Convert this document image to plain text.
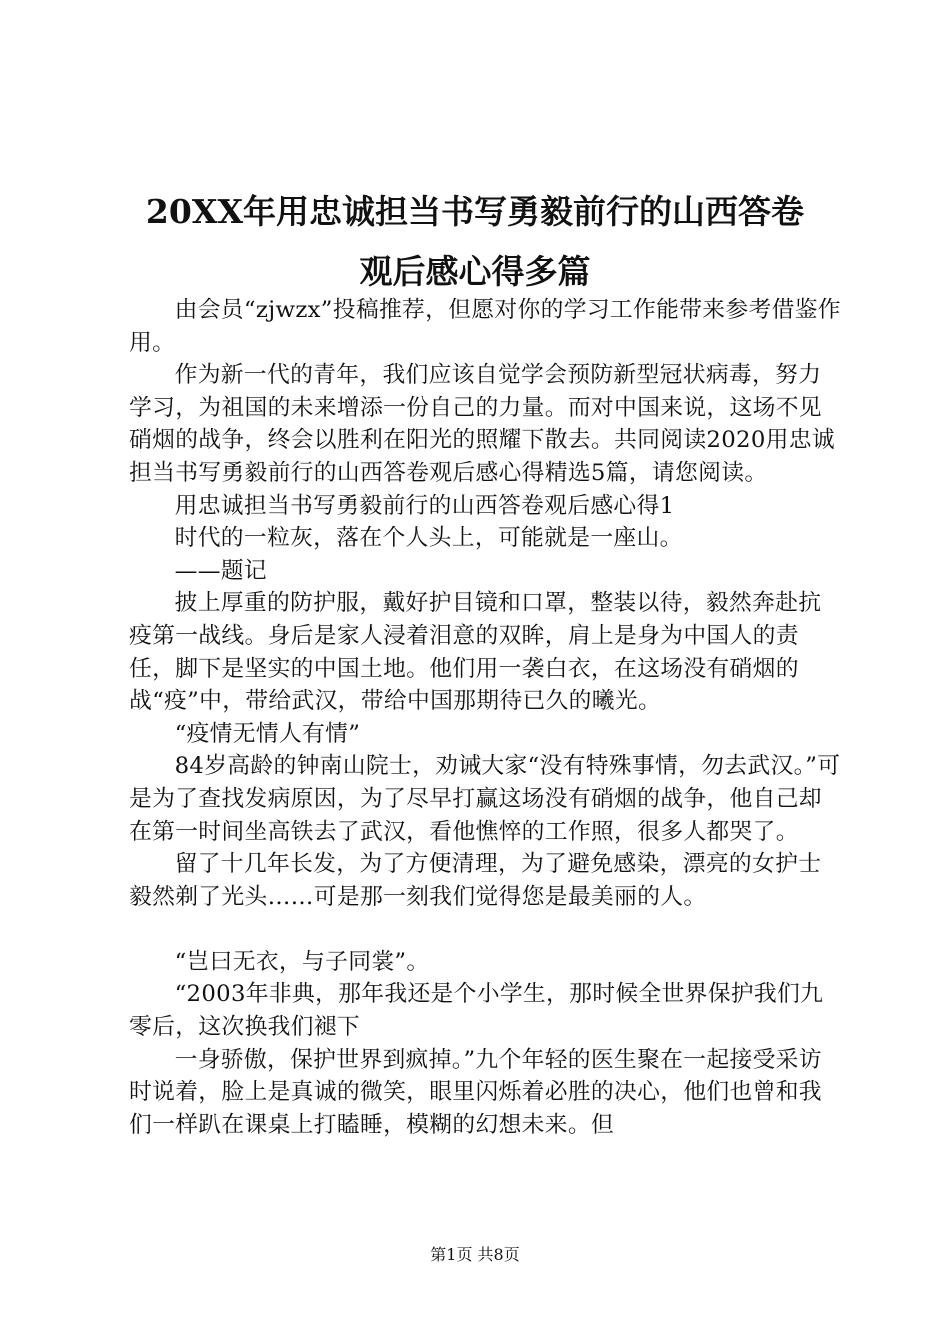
20XX年用忠诚担当书写勇毅前行的山西答卷
观后感心得多篇

由会员“zjwzx”投稿推荐，但愿对你的学习工作能带来参考借鉴作用。

作为新一代的青年，我们应该自觉学会预防新型冠状病毒，努力学习，为祖国的未来增添一份自己的力量。而对中国来说，这场不见硝烟的战争，终会以胜利在阳光的照耀下散去。共同阅读2020用忠诚担当书写勇毅前行的山西答卷观后感心得精选5篇，请您阅读。

用忠诚担当书写勇毅前行的山西答卷观后感心得1

时代的一粒灰，落在个人头上，可能就是一座山。

——题记

披上厚重的防护服，戴好护目镜和口罩，整装以待，毅然奔赴抗疫第一战线。身后是家人浸着泪意的双眸，肩上是身为中国人的责任，脚下是坚实的中国土地。他们用一袭白衣，在这场没有硝烟的战“疫”中，带给武汉，带给中国那期待已久的曦光。

“疫情无情人有情”

84岁高龄的钟南山院士，劝诫大家“没有特殊事情，勿去武汉。”可是为了查找发病原因，为了尽早打赢这场没有硝烟的战争，他自己却在第一时间坐高铁去了武汉，看他憔悴的工作照，很多人都哭了。

留了十几年长发，为了方便清理，为了避免感染，漂亮的女护士毅然剃了光头……可是那一刻我们觉得您是最美丽的人。

“岂曰无衣，与子同裳”。

“2003年非典，那年我还是个小学生，那时候全世界保护我们九零后，这次换我们褪下

一身骄傲，保护世界到疯掉。”九个年轻的医生聚在一起接受采访时说着，脸上是真诚的微笑，眼里闪烁着必胜的决心，他们也曾和我们一样趴在课桌上打瞌睡，模糊的幻想未来。但

第1页 共8页
